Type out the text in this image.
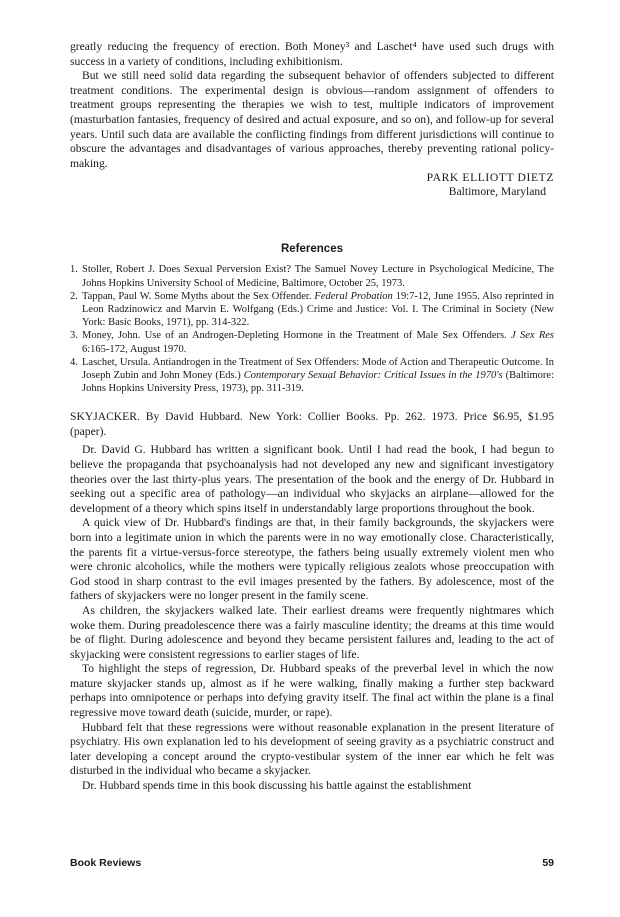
greatly reducing the frequency of erection. Both Money³ and Laschet⁴ have used such drugs with success in a variety of conditions, including exhibitionism.

But we still need solid data regarding the subsequent behavior of offenders subjected to different treatment conditions. The experimental design is obvious—random assignment of offenders to treatment groups representing the therapies we wish to test, multiple indicators of improvement (masturbation fantasies, frequency of desired and actual exposure, and so on), and follow-up for several years. Until such data are available the conflicting findings from different jurisdictions will continue to obscure the advantages and disadvantages of various approaches, thereby preventing rational policy-making.

PARK ELLIOTT DIETZ
Baltimore, Maryland
References
1. Stoller, Robert J. Does Sexual Perversion Exist? The Samuel Novey Lecture in Psychological Medicine, The Johns Hopkins University School of Medicine, Baltimore, October 25, 1973.
2. Tappan, Paul W. Some Myths about the Sex Offender. Federal Probation 19:7-12, June 1955. Also reprinted in Leon Radzinowicz and Marvin E. Wolfgang (Eds.) Crime and Justice: Vol. I. The Criminal in Society (New York: Basic Books, 1971), pp. 314-322.
3. Money, John. Use of an Androgen-Depleting Hormone in the Treatment of Male Sex Offenders. J Sex Res 6:165-172, August 1970.
4. Laschet, Ursula. Antiandrogen in the Treatment of Sex Offenders: Mode of Action and Therapeutic Outcome. In Joseph Zubin and John Money (Eds.) Contemporary Sexual Behavior: Critical Issues in the 1970's (Baltimore: Johns Hopkins University Press, 1973), pp. 311-319.
SKYJACKER. By David Hubbard. New York: Collier Books. Pp. 262. 1973. Price $6.95, $1.95 (paper).

Dr. David G. Hubbard has written a significant book. Until I had read the book, I had begun to believe the propaganda that psychoanalysis had not developed any new and significant investigatory theories over the last thirty-plus years. The presentation of the book and the energy of Dr. Hubbard in seeking out a specific area of pathology—an individual who skyjacks an airplane—allowed for the development of a theory which spins itself in understandably large proportions throughout the book.

A quick view of Dr. Hubbard's findings are that, in their family backgrounds, the skyjackers were born into a legitimate union in which the parents were in no way emotionally close. Characteristically, the parents fit a virtue-versus-force stereotype, the fathers being usually extremely violent men who were chronic alcoholics, while the mothers were typically religious zealots whose preoccupation with God stood in sharp contrast to the evil images presented by the fathers. By adolescence, most of the fathers of skyjackers were no longer present in the family scene.

As children, the skyjackers walked late. Their earliest dreams were frequently nightmares which woke them. During preadolescence there was a fairly masculine identity; the dreams at this time would be of flight. During adolescence and beyond they became persistent failures and, leading to the act of skyjacking were consistent regressions to earlier stages of life.

To highlight the steps of regression, Dr. Hubbard speaks of the preverbal level in which the now mature skyjacker stands up, almost as if he were walking, finally making a further step backward perhaps into omnipotence or perhaps into defying gravity itself. The final act within the plane is a final regressive move toward death (suicide, murder, or rape).

Hubbard felt that these regressions were without reasonable explanation in the present literature of psychiatry. His own explanation led to his development of seeing gravity as a psychiatric construct and later developing a concept around the crypto-vestibular system of the inner ear which he felt was disturbed in the individual who became a skyjacker.

Dr. Hubbard spends time in this book discussing his battle against the establishment

Book Reviews	59
